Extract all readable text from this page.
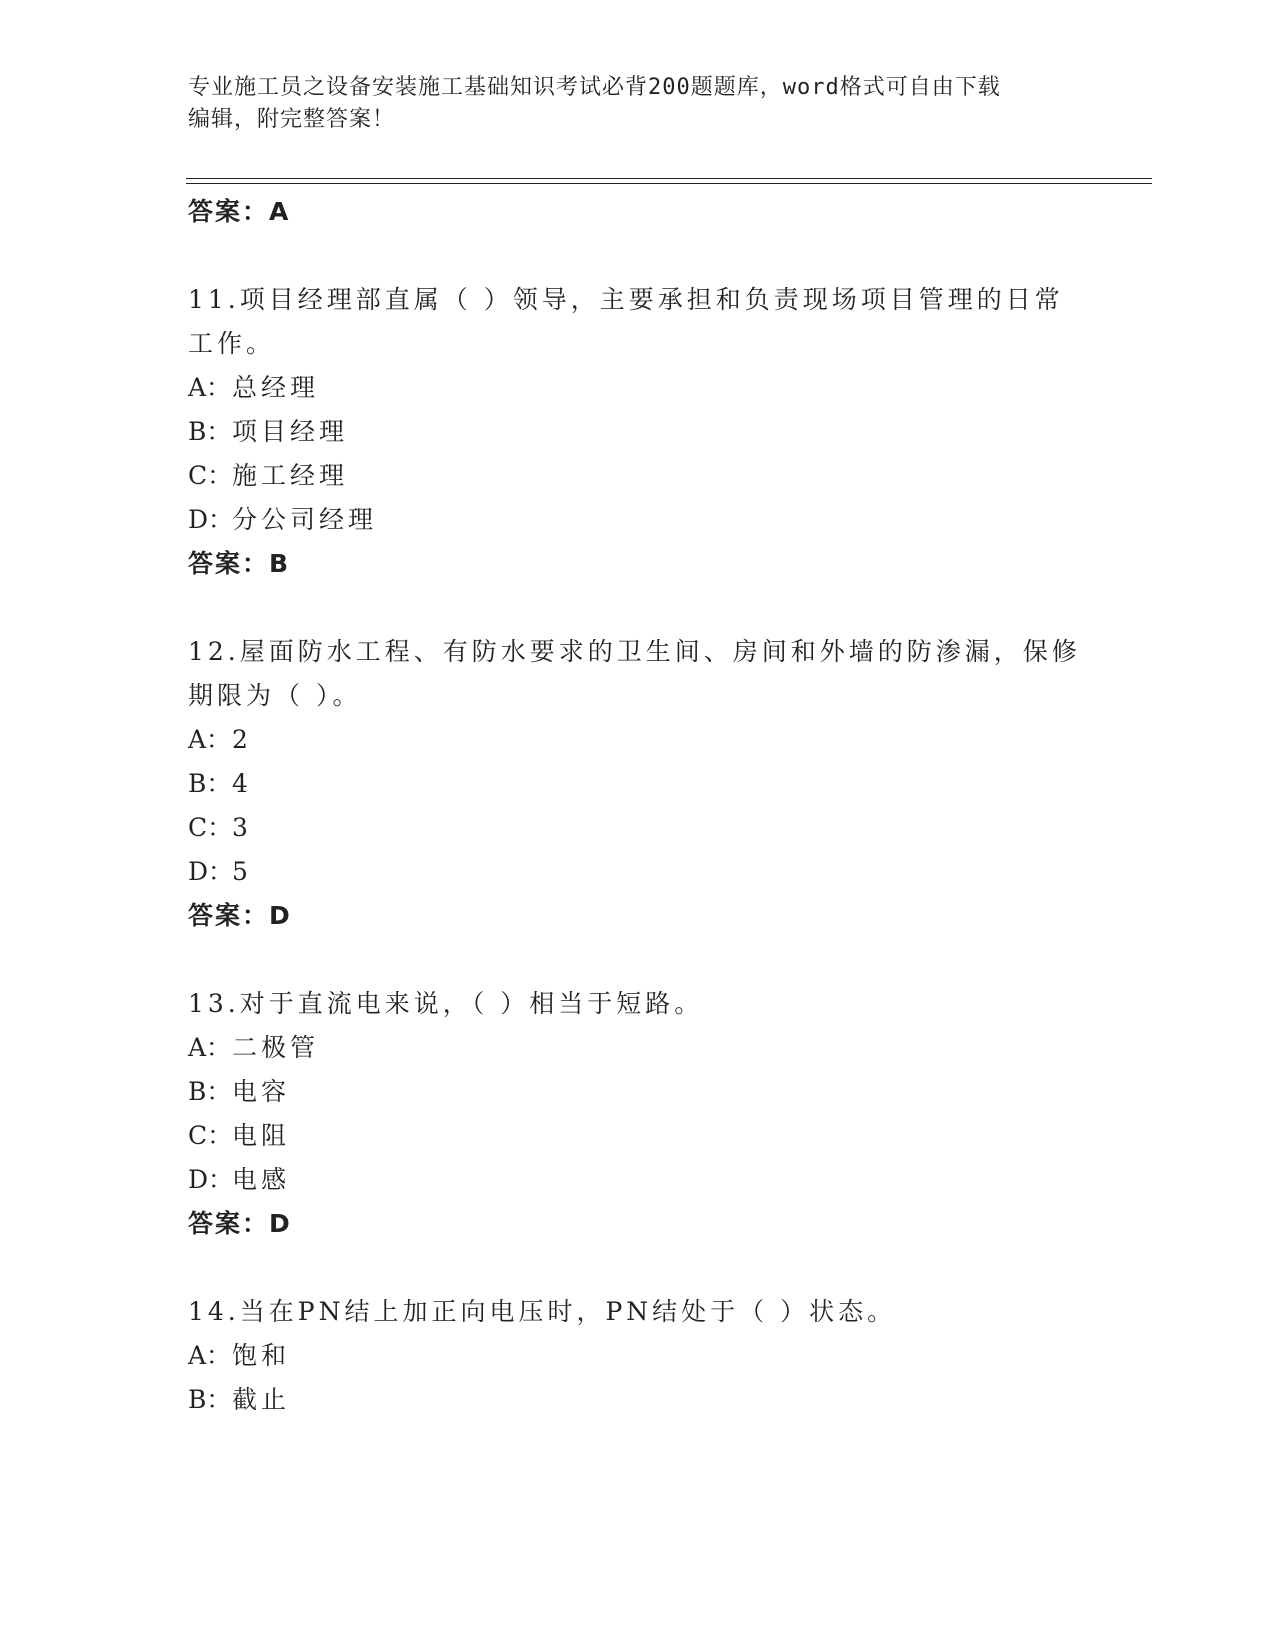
专业施工员之设备安装施工基础知识考试必背200题题库，word格式可自由下载
编辑，附完整答案！
答案：A
11.项目经理部直属（ ）领导，主要承担和负责现场项目管理的日常
工作。
A：总经理
B：项目经理
C：施工经理
D：分公司经理
答案：B
12.屋面防水工程、有防水要求的卫生间、房间和外墙的防渗漏，保修
期限为（ ）。
A：2
B：4
C：3
D：5
答案：D
13.对于直流电来说，（ ）相当于短路。
A：二极管
B：电容
C：电阻
D：电感
答案：D
14.当在PN结上加正向电压时，PN结处于（ ）状态。
A：饱和
B：截止
